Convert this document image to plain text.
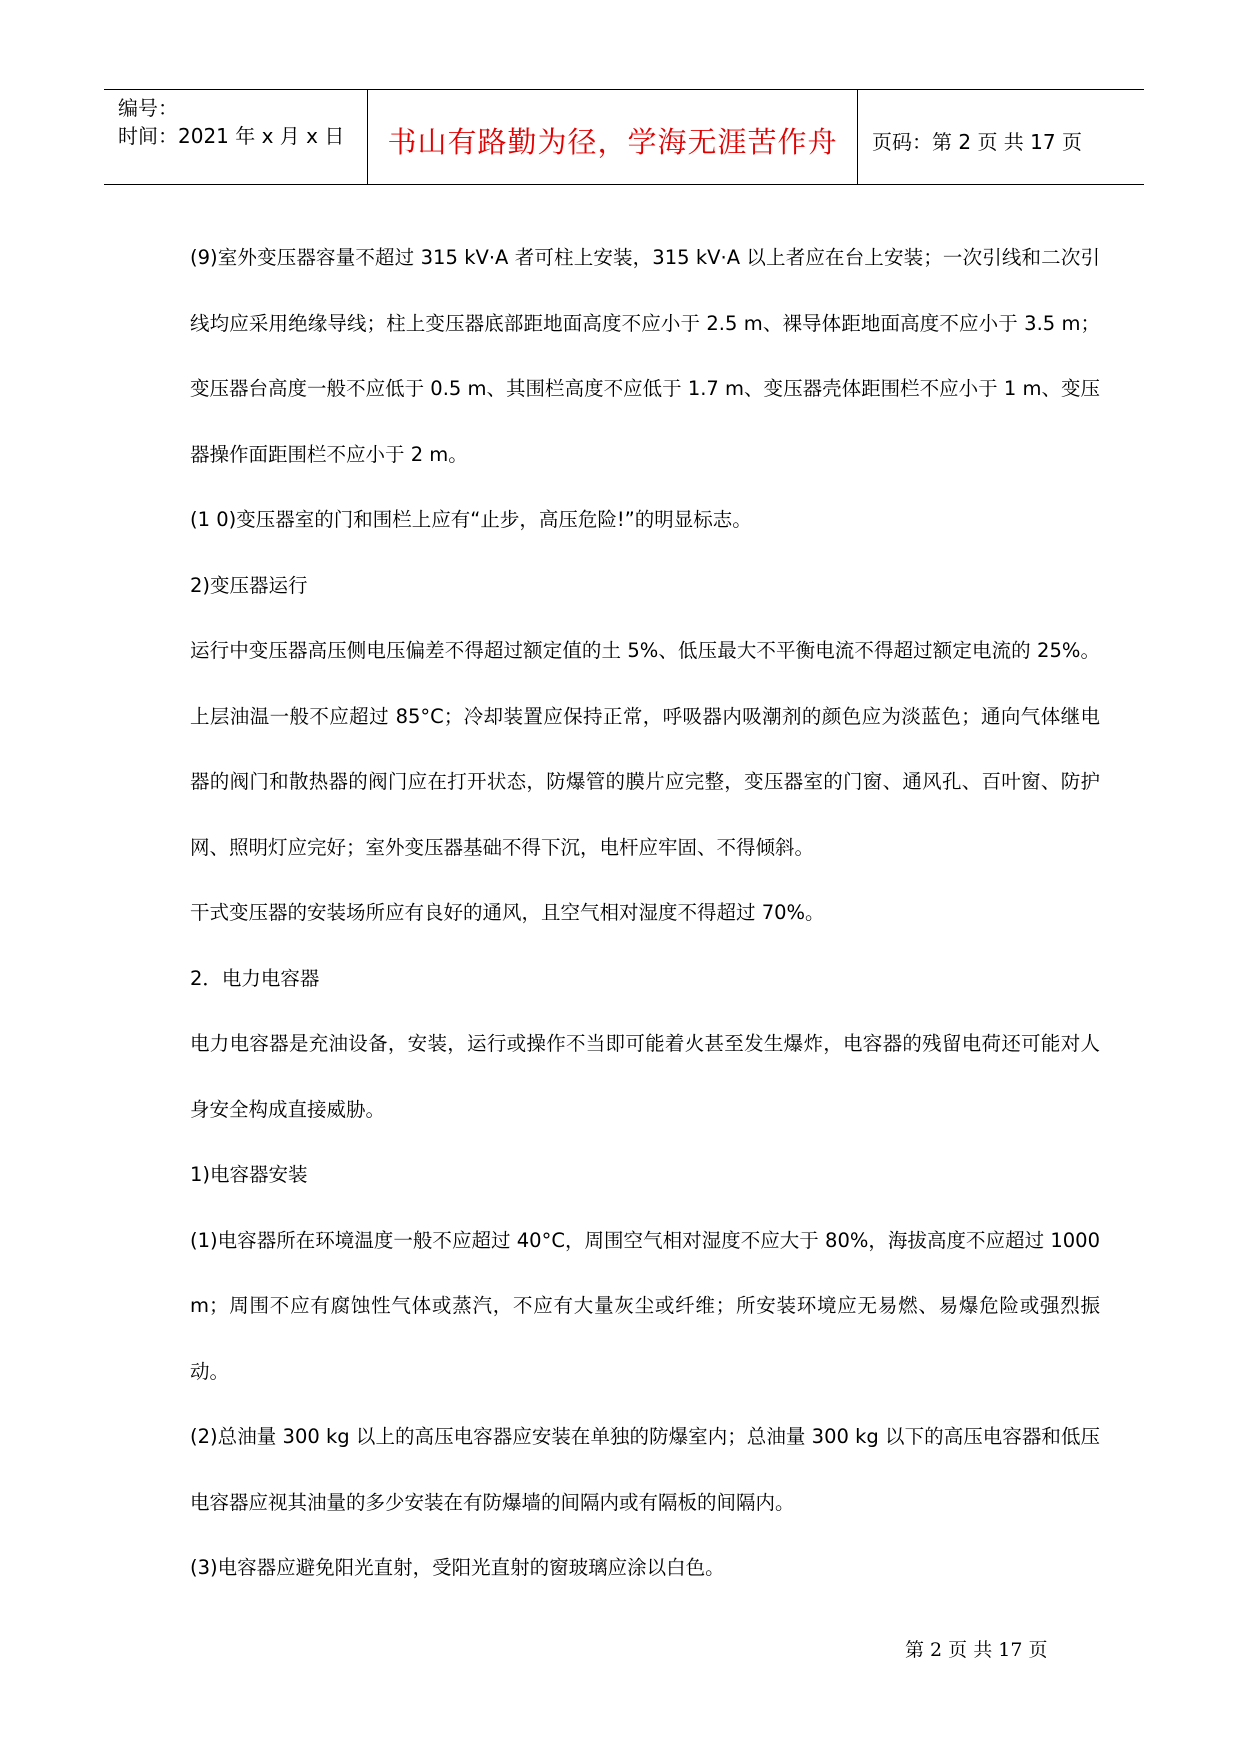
编号：
时间：2021 年 x 月 x 日	书山有路勤为径，学海无涯苦作舟 页码：第 2 页 共 17 页

(9)室外变压器容量不超过 315 kV·A 者可柱上安装，315 kV·A 以上者应在台上安装；一次引线和二次引线均应采用绝缘导线；柱上变压器底部距地面高度不应小于 2.5 m、裸导体距地面高度不应小于 3.5 m；变压器台高度一般不应低于 0.5 m、其围栏高度不应低于 1.7 m、变压器壳体距围栏不应小于 1 m、变压器操作面距围栏不应小于 2 m。

(1 0)变压器室的门和围栏上应有“止步，高压危险!”的明显标志。

2)变压器运行

运行中变压器高压侧电压偏差不得超过额定值的土 5%、低压最大不平衡电流不得超过额定电流的 25%。上层油温一般不应超过 85°C；冷却装置应保持正常，呼吸器内吸潮剂的颜色应为淡蓝色；通向气体继电器的阀门和散热器的阀门应在打开状态，防爆管的膜片应完整，变压器室的门窗、通风孔、百叶窗、防护网、照明灯应完好；室外变压器基础不得下沉，电杆应牢固、不得倾斜。

干式变压器的安装场所应有良好的通风，且空气相对湿度不得超过 70%。

2．电力电容器

电力电容器是充油设备，安装，运行或操作不当即可能着火甚至发生爆炸，电容器的残留电荷还可能对人身安全构成直接威胁。

1)电容器安装

(1)电容器所在环境温度一般不应超过 40°C，周围空气相对湿度不应大于 80%，海拔高度不应超过 1000 m；周围不应有腐蚀性气体或蒸汽，不应有大量灰尘或纤维；所安装环境应无易燃、易爆危险或强烈振动。

(2)总油量 300 kg 以上的高压电容器应安装在单独的防爆室内；总油量 300 kg 以下的高压电容器和低压电容器应视其油量的多少安装在有防爆墙的间隔内或有隔板的间隔内。

(3)电容器应避免阳光直射，受阳光直射的窗玻璃应涂以白色。

第 2 页 共 17 页
